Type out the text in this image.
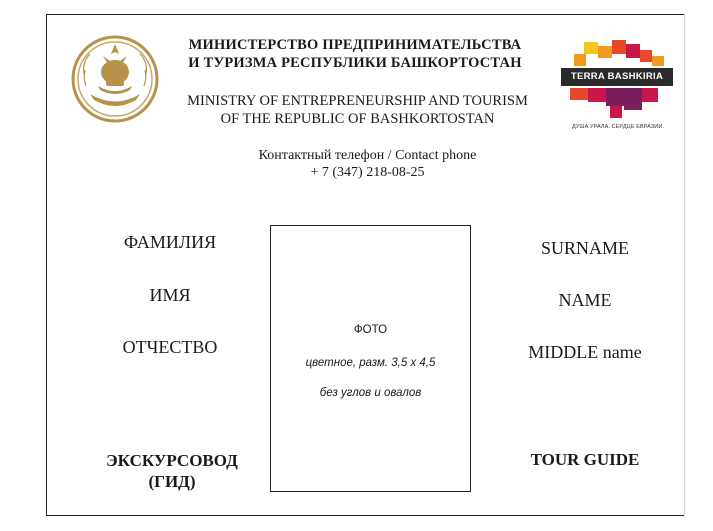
МИНИСТЕРСТВО ПРЕДПРИНИМАТЕЛЬСТВА
И ТУРИЗМА РЕСПУБЛИКИ БАШКОРТОСТАН
MINISTRY OF ENTREPRENEURSHIP AND TOURISM
OF THE REPUBLIC OF BASHKORTOSTAN
Контактный телефон / Contact phone
+ 7 (347) 218-08-25
TERRA BASHKIRIA
ДУША УРАЛА. СЕРДЦЕ ЕВРАЗИИ.
ФОТО
цветное, разм. 3,5 х 4,5
без углов и овалов
ФАМИЛИЯ
ИМЯ
ОТЧЕСТВО
SURNAME
NAME
MIDDLE name
ЭКСКУРСОВОД
(ГИД)
TOUR GUIDE
